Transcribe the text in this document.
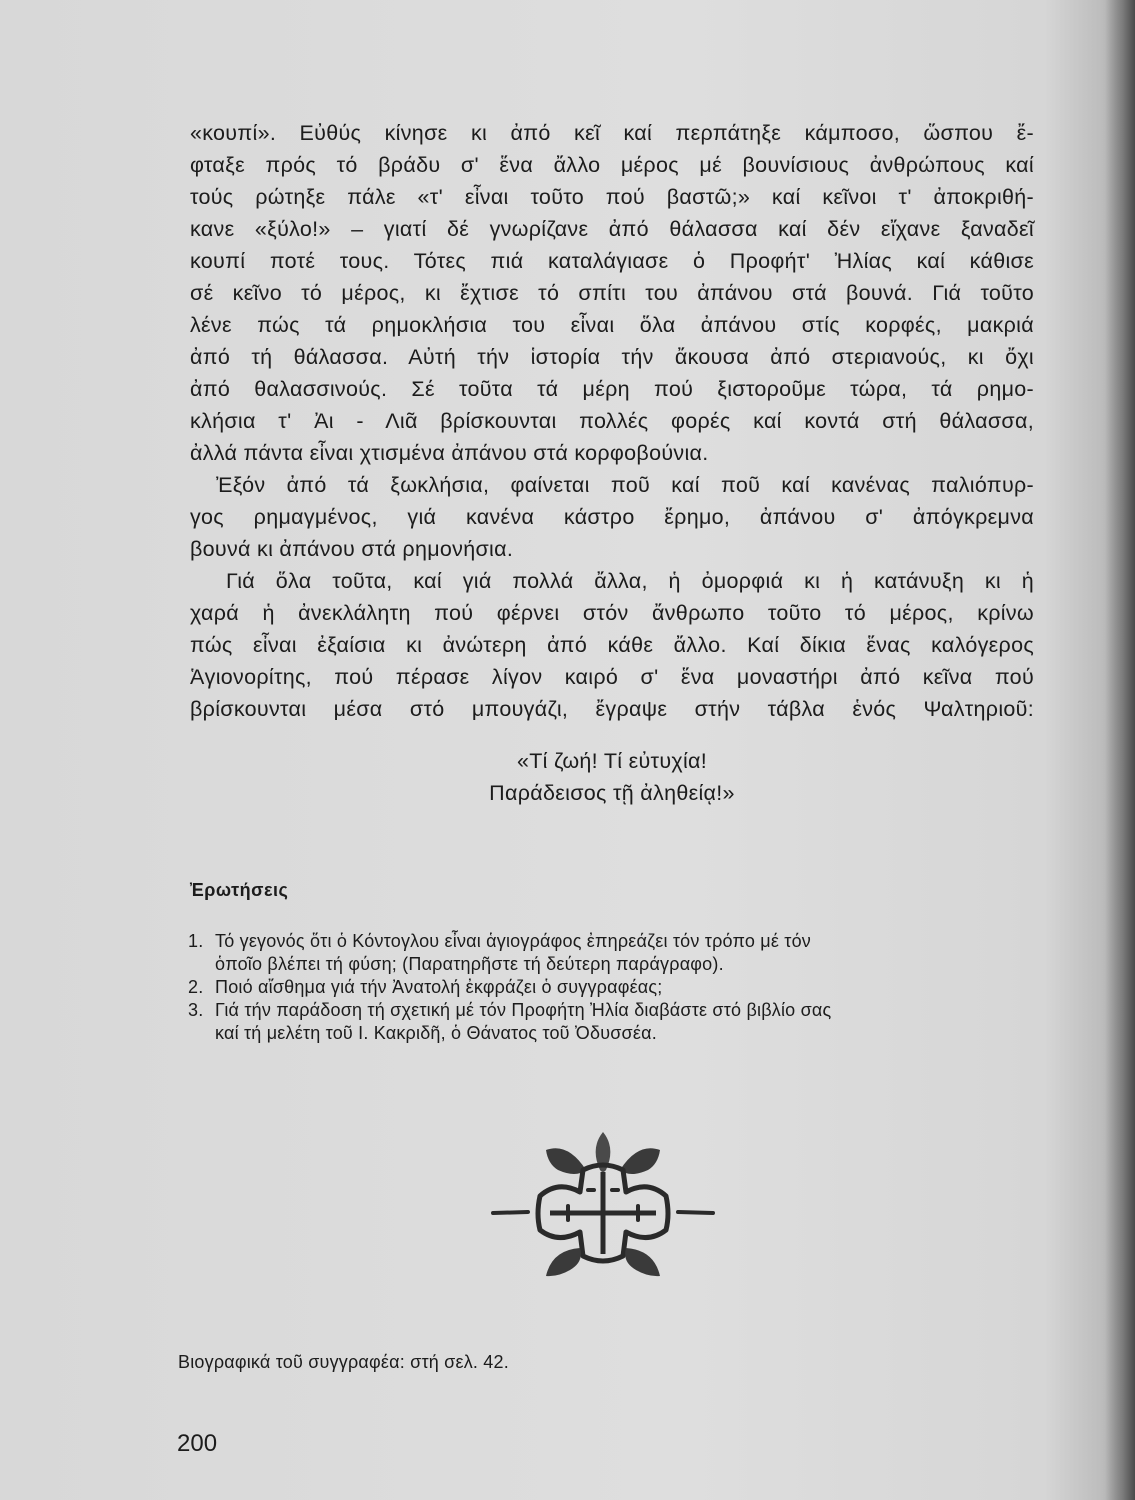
«κουπί». Εὐθύς κίνησε κι ἀπό κεῖ καί περπάτηξε κάμποσο, ὥσπου ἔ-
φταξε πρός τό βράδυ σ' ἕνα ἄλλο μέρος μέ βουνίσιους ἀνθρώπους καί
τούς ρώτηξε πάλε «τ' εἶναι τοῦτο πού βαστῶ;» καί κεῖνοι τ' ἀποκριθή-
κανε «ξύλο!» – γιατί δέ γνωρίζανε ἀπό θάλασσα καί δέν εἴχανε ξαναδεῖ
κουπί ποτέ τους. Τότες πιά καταλάγιασε ὁ Προφήτ' Ἠλίας καί κάθισε
σέ κεῖνο τό μέρος, κι ἔχτισε τό σπίτι του ἀπάνου στά βουνά. Γιά τοῦτο
λένε πώς τά ρημοκλήσια του εἶναι ὅλα ἀπάνου στίς κορφές, μακριά
ἀπό τή θάλασσα. Αὐτή τήν ἱστορία τήν ἄκουσα ἀπό στεριανούς, κι ὄχι
ἀπό θαλασσινούς. Σέ τοῦτα τά μέρη πού ξιστοροῦμε τώρα, τά ρημο-
κλήσια τ' Ἀι - Λιᾶ βρίσκουνται πολλές φορές καί κοντά στή θάλασσα,
ἀλλά πάντα εἶναι χτισμένα ἀπάνου στά κορφοβούνια.
Ἐξόν ἀπό τά ξωκλήσια, φαίνεται ποῦ καί ποῦ καί κανένας παλιόπυρ-
γος ρημαγμένος, γιά κανένα κάστρο ἔρημο, ἀπάνου σ' ἀπόγκρεμνα
βουνά κι ἀπάνου στά ρημονήσια.
Γιά ὅλα τοῦτα, καί γιά πολλά ἄλλα, ἡ ὀμορφιά κι ἡ κατάνυξη κι ἡ
χαρά ἡ ἀνεκλάλητη πού φέρνει στόν ἄνθρωπο τοῦτο τό μέρος, κρίνω
πώς εἶναι ἐξαίσια κι ἀνώτερη ἀπό κάθε ἄλλο. Καί δίκια ἕνας καλόγερος
Ἁγιονορίτης, πού πέρασε λίγον καιρό σ' ἕνα μοναστήρι ἀπό κεῖνα πού
βρίσκουνται μέσα στό μπουγάζι, ἔγραψε στήν τάβλα ἑνός Ψαλτηριοῦ:
«Τί ζωή! Τί εὐτυχία!
Παράδεισος τῇ ἀληθείᾳ!»
Ἐρωτήσεις
1. Τό γεγονός ὅτι ὁ Κόντογλου εἶναι ἁγιογράφος ἐπηρεάζει τόν τρόπο μέ τόν
ὁποῖο βλέπει τή φύση; (Παρατηρῆστε τή δεύτερη παράγραφο).
2. Ποιό αἴσθημα γιά τήν Ἀνατολή ἐκφράζει ὁ συγγραφέας;
3. Γιά τήν παράδοση τή σχετική μέ τόν Προφήτη Ἠλία διαβάστε στό βιβλίο σας
καί τή μελέτη τοῦ Ι. Κακριδῆ, ὁ Θάνατος τοῦ Ὀδυσσέα.
Βιογραφικά τοῦ συγγραφέα: στή σελ. 42.
200
